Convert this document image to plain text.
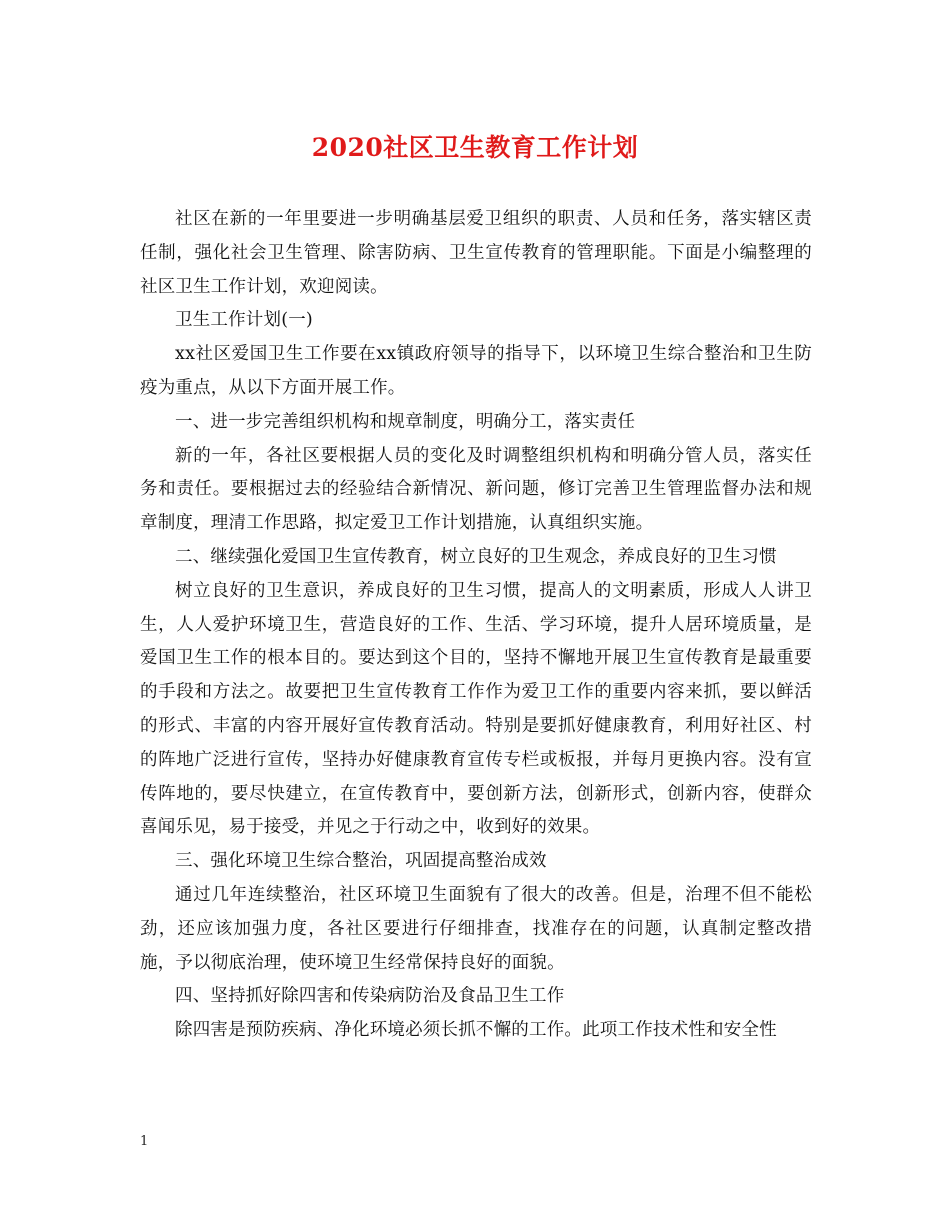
2020社区卫生教育工作计划

社区在新的一年里要进一步明确基层爱卫组织的职责、人员和任务，落实辖区责任制，强化社会卫生管理、除害防病、卫生宣传教育的管理职能。下面是小编整理的社区卫生工作计划，欢迎阅读。

卫生工作计划(一)

xx社区爱国卫生工作要在xx镇政府领导的指导下，以环境卫生综合整治和卫生防疫为重点，从以下方面开展工作。

一、进一步完善组织机构和规章制度，明确分工，落实责任

新的一年，各社区要根据人员的变化及时调整组织机构和明确分管人员，落实任务和责任。要根据过去的经验结合新情况、新问题，修订完善卫生管理监督办法和规章制度，理清工作思路，拟定爱卫工作计划措施，认真组织实施。

二、继续强化爱国卫生宣传教育，树立良好的卫生观念，养成良好的卫生习惯

树立良好的卫生意识，养成良好的卫生习惯，提高人的文明素质，形成人人讲卫生，人人爱护环境卫生，营造良好的工作、生活、学习环境，提升人居环境质量，是爱国卫生工作的根本目的。要达到这个目的，坚持不懈地开展卫生宣传教育是最重要的手段和方法之。故要把卫生宣传教育工作作为爱卫工作的重要内容来抓，要以鲜活的形式、丰富的内容开展好宣传教育活动。特别是要抓好健康教育，利用好社区、村的阵地广泛进行宣传，坚持办好健康教育宣传专栏或板报，并每月更换内容。没有宣传阵地的，要尽快建立，在宣传教育中，要创新方法，创新形式，创新内容，使群众喜闻乐见，易于接受，并见之于行动之中，收到好的效果。

三、强化环境卫生综合整治，巩固提高整治成效

通过几年连续整治，社区环境卫生面貌有了很大的改善。但是，治理不但不能松劲，还应该加强力度，各社区要进行仔细排查，找准存在的问题，认真制定整改措施，予以彻底治理，使环境卫生经常保持良好的面貌。

四、坚持抓好除四害和传染病防治及食品卫生工作

除四害是预防疾病、净化环境必须长抓不懈的工作。此项工作技术性和安全性

1
